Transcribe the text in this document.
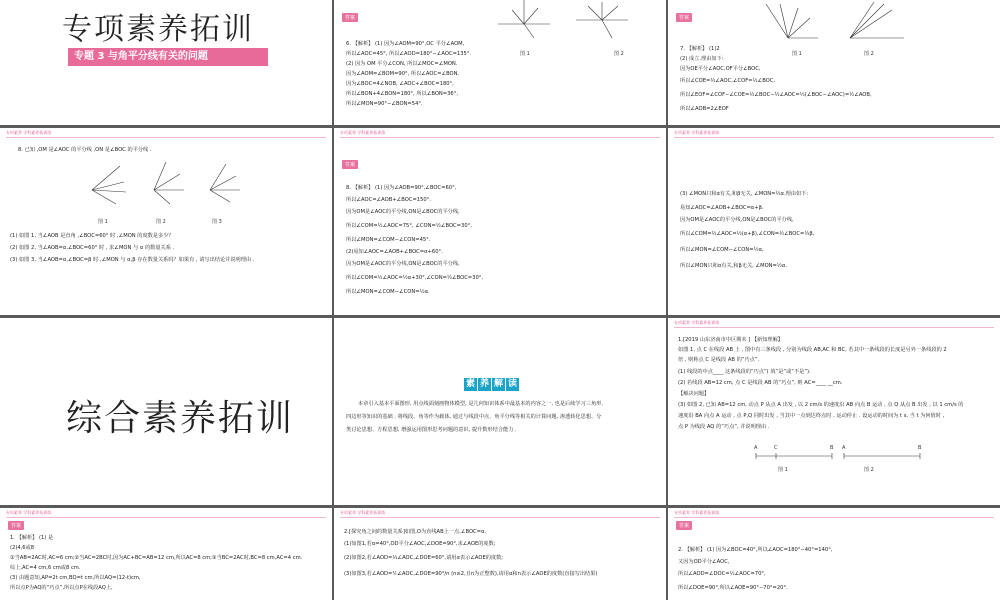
专项素养拓训
专题 3 与角平分线有关的问题
答案
图 1	图 2
6. 【解析】 (1) 因为∠AOM=90°,OC 平分∠AOM,
所以∠AOC=45°, 所以∠AOD=180°−∠AOC=135°.
(2) 因为 OM 平分∠CON, 所以∠MOC=∠MON.
因为∠AOM=∠BOM=90°, 所以∠AOC=∠BON.
因为∠BOC=4∠NOB, ∠AOC+∠BOC=180°,
所以∠BON+4∠BON=180°, 所以∠BON=36°,
所以∠MON=90°−∠BON=54°.
答案
图 1	图 2
7. 【解析】 (1)2
(2) 成立.理由如下:
因为OE平分∠AOC,OF平分∠BOC,
所以∠COE=½∠AOC,∠COF=½∠BOC,
所以∠EOF=∠COF−∠COE=½∠BOC−½∠AOC=½(∠BOC−∠AOC)=½∠AOB,
所以∠AOB=2∠EOF
专项素养 学科素养拓训练
8. 已知 ,OM 是∠AOC 的平分线 ,ON 是∠BOC 的平分线 .
图 1	图 2	图 3
(1) 如图 1, 当∠AOB 是直角 ,∠BOC=60° 时 ,∠MON 的度数是多少？
(2) 如图 2, 当∠AOB=α,∠BOC=60° 时 , 求∠MON 与 α 的数量关系 .
(3) 如图 3, 当∠AOB=α,∠BOC=β 时 ,∠MON 与 α,β 存在数量关系吗？如果有 , 请写出结论并说明理由 .
专项素养 学科素养拓训练
答案
8. 【解析】 (1) 因为∠AOB=90°,∠BOC=60°,
所以∠AOC=∠AOB+∠BOC=150°.
因为OM是∠AOC的平分线,ON是∠BOC的平分线,
所以∠COM=½∠AOC=75°, ∠CON=½∠BOC=30°,
所以∠MON=∠COM−∠CON=45°.
(2)易知∠AOC=∠AOB+∠BOC=α+60°.
因为OM是∠AOC的平分线,ON是∠BOC的平分线,
所以∠COM=½∠AOC=½α+30°,∠CON=½∠BOC=30°,
所以∠MON=∠COM−∠CON=½α.
专项素养 学科素养拓训练
(3) ∠MON只和α有关,和β无关, ∠MON=½α.理由如下:
易知∠AOC=∠AOB+∠BOC=α+β.
因为OM是∠AOC的平分线,ON是∠BOC的平分线,
所以∠COM=½∠AOC=½(α+β),∠CON=½∠BOC=½β,
所以∠MON=∠COM−∠CON=½α,
所以∠MON只和α有关,和β无关, ∠MON=½α.
综合素养拓训
素 养 解 读
本章引入基本平面图形, 用点线面刻画物体模型, 是几何知识体系中最基本的内容之一, 也是后续学习三角形、
四边形等知识的基础 . 将线段、角等作为载体, 通过与线段中点、角平分线等相关的计算问题, 渗透转化思想、分
类讨论思想、方程思想, 增强运用图形思考问题的意识, 提升数形结合能力 .
专项素养 学科素养拓训练
1.[2019 山东济南市中区期末 ] 【新知理解】
如图 1, 点 C 在线段 AB 上 , 图中有三条线段 , 分别为线段 AB,AC 和 BC, 若其中一条线段的长度是另外一条线段的 2
倍 , 则称点 C 是线段 AB 的“巧点”.
(1) 线段的中点____ 这条线段的“巧点”( 填“是”或“不是”).
(2) 若线段 AB=12 cm, 点 C 是线段 AB 的“巧点”, 则 AC=____ __cm.
【解决问题】
(3) 如图 2, 已知 AB=12 cm, 动点 P 从点 A 出发 , 以 2 cm/s 的速度沿 AB 向点 B 运动 , 点 Q 从点 B 出发 , 以 1 cm/s 的
速度沿 BA 向点 A 运动 , 点 P,Q 同时出发 , 当其中一点到达终点时 , 运动停止 . 设运动的时间为 t s, 当 t 为何值时 ,
点 P 为线段 AQ 的“巧点”, 并说明理由 .
A	C	B A	B
图 1	图 2
专项素养 学科素养拓训练
答案
1. 【解析】 (1) 是
(2)4,6或8
①当AB=2AC时,AC=6 cm;②当AC=2BC时,因为AC+BC=AB=12 cm,所以AC=8 cm;③当BC=2AC时,BC=8 cm,AC=4 cm.
综上,AC=4 cm,6 cm或8 cm.
(3) 由题意知,AP=2t cm,BQ=t cm,所以AQ=(12-t)cm,
所以点P为AQ的“巧点”,所以点P在线段AQ上,
专项素养 学科素养拓训练
2.[探究角之间的数量关系]如图,O为直线AB上一点,∠BOC=α.
(1)如图1,若α=40°,OD平分∠AOC,∠DOE=90°,求∠AOE的度数;
(2)如图2,若∠AOD=⅓∠AOC,∠DOE=60°,请用α表示∠AOE的度数;
(3)如图3,若∠AOD=¹⁄ₙ∠AOC,∠DOE=90°/n (n≥2,且n为正整数),请用α和n表示∠AOE的度数(直接写出结果)
专项素养 学科素养拓训练
答案
2. 【解析】 (1) 因为∠BOC=40°,所以∠AOC=180°−40°=140°,
又因为OD平分∠AOC,
所以∠AOD=∠DOC=½∠AOC=70°,
所以∠DOE=90°,所以∠AOE=90°−70°=20°.
